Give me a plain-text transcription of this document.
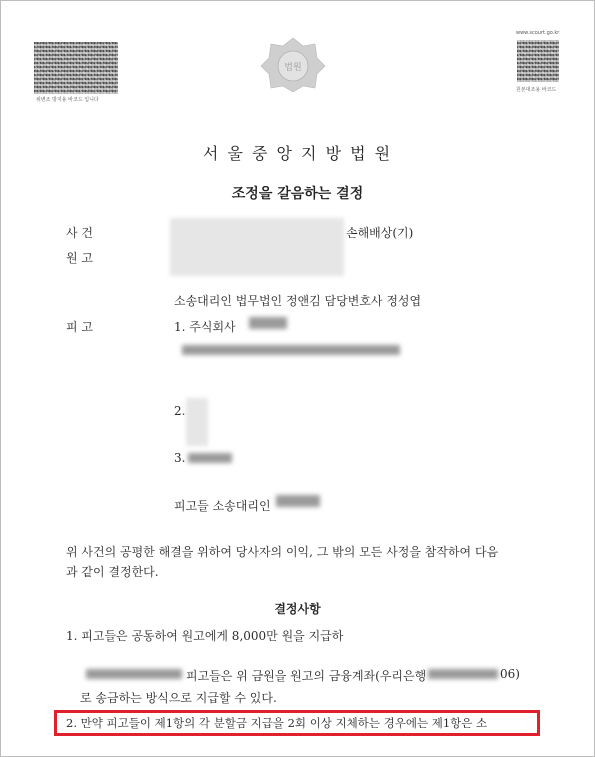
위변조 방지용 바코드 입니다
www.scourt.go.kr
원본대조용 바코드
법원
서 울 중 앙 지 방 법 원
조정을 갈음하는 결정
사 건	손해배상(기)
원 고
소송대리인 법무법인 정앤김 담당변호사 정성엽
피 고	1. 주식회사
2.
3.
피고들 소송대리인
위 사건의 공평한 해결을 위하여 당사자의 이익, 그 밖의 모든 사정을 참작하여 다음
과 같이 결정한다.
결정사항
1. 피고들은 공동하여 원고에게 8,000만 원을 지급하
피고들은 위 금원을 원고의 금융계좌(우리은행	06)
로 송금하는 방식으로 지급할 수 있다.
2. 만약 피고들이 제1항의 각 분할금 지급을 2회 이상 지체하는 경우에는 제1항은 소
